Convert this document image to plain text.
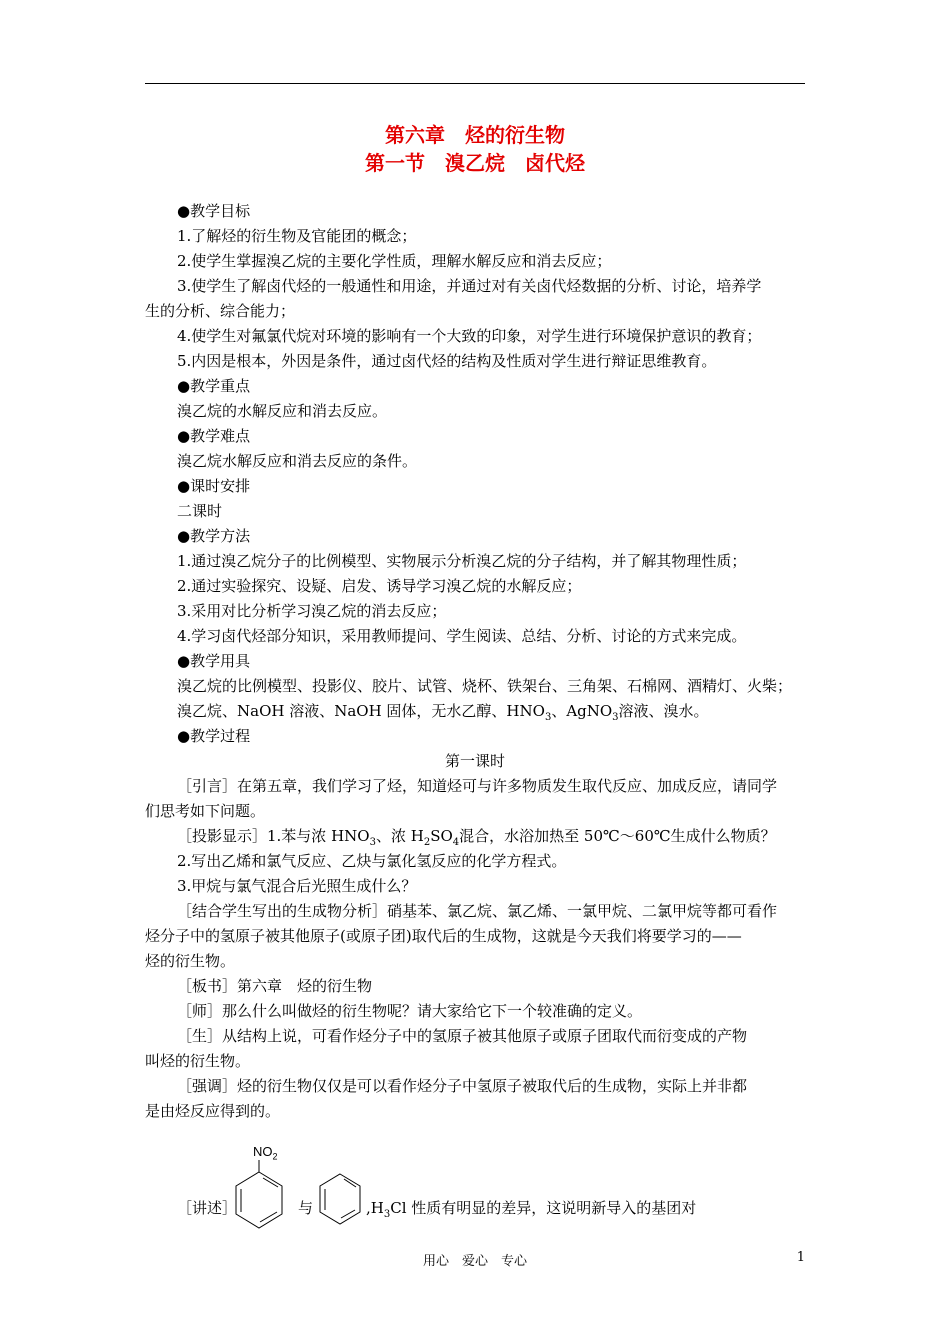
第六章　烃的衍生物
第一节　溴乙烷　卤代烃
●教学目标
1.了解烃的衍生物及官能团的概念；
2.使学生掌握溴乙烷的主要化学性质，理解水解反应和消去反应；
3.使学生了解卤代烃的一般通性和用途，并通过对有关卤代烃数据的分析、讨论，培养学
生的分析、综合能力；
4.使学生对氟氯代烷对环境的影响有一个大致的印象，对学生进行环境保护意识的教育；
5.内因是根本，外因是条件，通过卤代烃的结构及性质对学生进行辩证思维教育。
●教学重点
溴乙烷的水解反应和消去反应。
●教学难点
溴乙烷水解反应和消去反应的条件。
●课时安排
二课时
●教学方法
1.通过溴乙烷分子的比例模型、实物展示分析溴乙烷的分子结构，并了解其物理性质；
2.通过实验探究、设疑、启发、诱导学习溴乙烷的水解反应；
3.采用对比分析学习溴乙烷的消去反应；
4.学习卤代烃部分知识，采用教师提问、学生阅读、总结、分析、讨论的方式来完成。
●教学用具
溴乙烷的比例模型、投影仪、胶片、试管、烧杯、铁架台、三角架、石棉网、酒精灯、火柴；
溴乙烷、NaOH 溶液、NaOH 固体，无水乙醇、$HNO_3$、AgNO$_3$溶液、溴水。
●教学过程
第一课时
［引言］在第五章，我们学习了烃，知道烃可与许多物质发生取代反应、加成反应，请同学
们思考如下问题。
［投影显示］1.苯与浓 $HNO_3$、浓 $H_2SO_4$混合，水浴加热至 50℃～60℃生成什么物质？
2.写出乙烯和氯气反应、乙炔与氯化氢反应的化学方程式。
3.甲烷与氯气混合后光照生成什么？
［结合学生写出的生成物分析］硝基苯、氯乙烷、氯乙烯、一氯甲烷、二氯甲烷等都可看作
烃分子中的氢原子被其他原子(或原子团)取代后的生成物，这就是今天我们将要学习的——
烃的衍生物。
［板书］第六章　烃的衍生物
［师］那么什么叫做烃的衍生物呢？请大家给它下一个较准确的定义。
［生］从结构上说，可看作烃分子中的氢原子被其他原子或原子团取代而衍变成的产物
叫烃的衍生物。
［强调］烃的衍生物仅仅是可以看作烃分子中氢原子被取代后的生成物，实际上并非都
是由烃反应得到的。
$NO_2$
［讲述］	与	$,H_3Cl$ 性质有明显的差异，这说明新导入的基团对
用心　爱心　专心	1
